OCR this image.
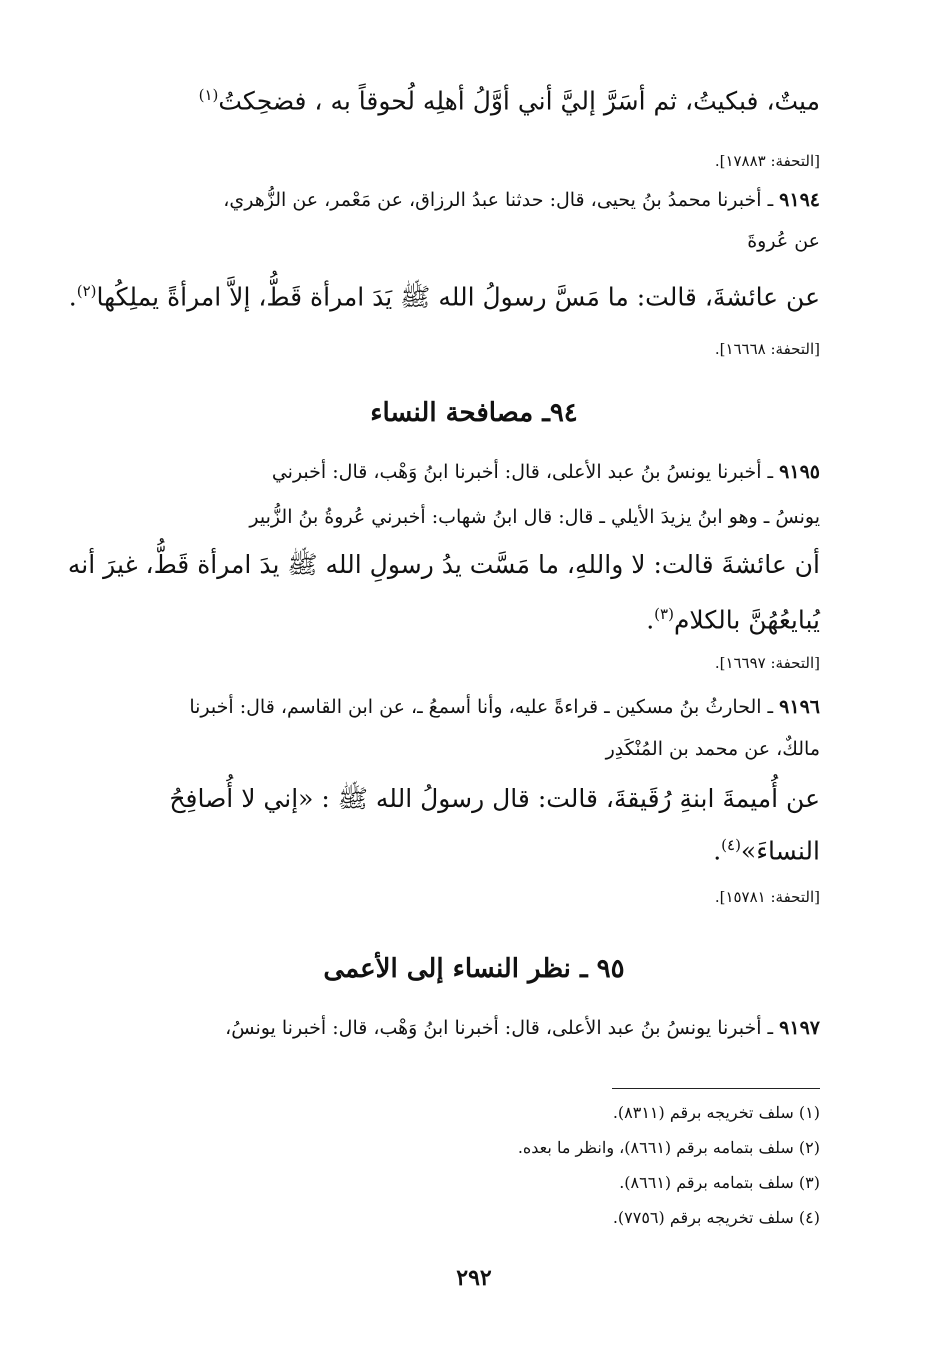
ميتٌ، فبكيتُ، ثم أسَرَّ إليَّ أني أوَّلُ أهلِه لُحوقاً به ، فضحِكتُ$^{(١)}$
[التحفة: ١٧٨٨٣].
٩١٩٤ ـ أخبرنا محمدُ بنُ يحيى، قال: حدثنا عبدُ الرزاق، عن مَعْمر، عن الزُّهري،
عن عُروةَ
عن عائشةَ، قالت: ما مَسَّ رسولُ الله ﷺ يَدَ امرأة قَطُّ، إلاَّ امرأةً يملِكُها$^{(٢)}$.
[التحفة: ١٦٦٦٨].
٩٤ـ مصافحة النساء
٩١٩٥ ـ أخبرنا يونسُ بنُ عبد الأعلى، قال: أخبرنا ابنُ وَهْب، قال: أخبرني
يونسُ ـ وهو ابنُ يزيدَ الأيلي ـ قال: قال ابنُ شهاب: أخبرني عُروةُ بنُ الزُّبير
أن عائشةَ قالت: لا واللهِ، ما مَسَّت يدُ رسولِ الله ﷺ يدَ امرأة قَطُّ، غيرَ أنه
يُبايعُهُنَّ بالكلام$^{(٣)}$.
[التحفة: ١٦٦٩٧].
٩١٩٦ ـ الحارثُ بنُ مسكين ـ قراءةً عليه، وأنا أسمعُ ـ، عن ابن القاسم، قال: أخبرنا
مالكٌ، عن محمد بن المُنْكَدِر
عن أُميمةَ ابنةِ رُقَيقةَ، قالت: قال رسولُ الله ﷺ : «إني لا أُصافِحُ
النساءَ»$^{(٤)}$.
[التحفة: ١٥٧٨١].
٩٥ ـ نظر النساء إلى الأعمى
٩١٩٧ ـ أخبرنا يونسُ بنُ عبد الأعلى، قال: أخبرنا ابنُ وَهْب، قال: أخبرنا يونسُ،
(١) سلف تخريجه برقم (٨٣١١).
(٢) سلف بتمامه برقم (٨٦٦١)، وانظر ما بعده.
(٣) سلف بتمامه برقم (٨٦٦١).
(٤) سلف تخريجه برقم (٧٧٥٦).
٢٩٢
